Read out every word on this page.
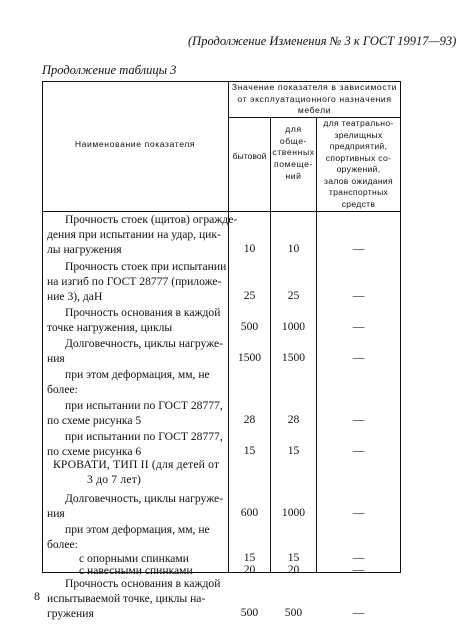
(Продолжение Изменения № 3 к ГОСТ 19917—93)
Продолжение таблицы 3
Наименование показателя
Значение показателя в зависимости
от эксплуатационного назначения
мебели
бытовой
для
обще-
ственных
помеще-
ний
для театрально-
зрелищных
предприятий,
спортивных со-
оружений,
залов ожидания
транспортных
средств
Прочность стоек (щитов) огражде-
дения при испытании на удар, цик-
лы нагружения	10	10	—
Прочность стоек при испытании
на изгиб по ГОСТ 28777 (приложе-
ние 3), даН	25	25	—
Прочность основания в каждой
точке нагружения, циклы	500	1000	—
Долговечность, циклы нагруже-
ния	1500	1500	—
при этом деформация, мм, не
более:
при испытании по ГОСТ 28777,
по схеме рисунка 5	28	28	—
при испытании по ГОСТ 28777,
по схеме рисунка 6	15	15	—
КРОВАТИ, ТИП II (для детей от
3 до 7 лет)
Долговечность, циклы нагруже-
ния	600	1000	—
при этом деформация, мм, не
более:
с опорными спинками	15	15	—
с навесными спинками	20	20	—
Прочность основания в каждой
испытываемой точке, циклы на-
гружения	500	500	—
8
